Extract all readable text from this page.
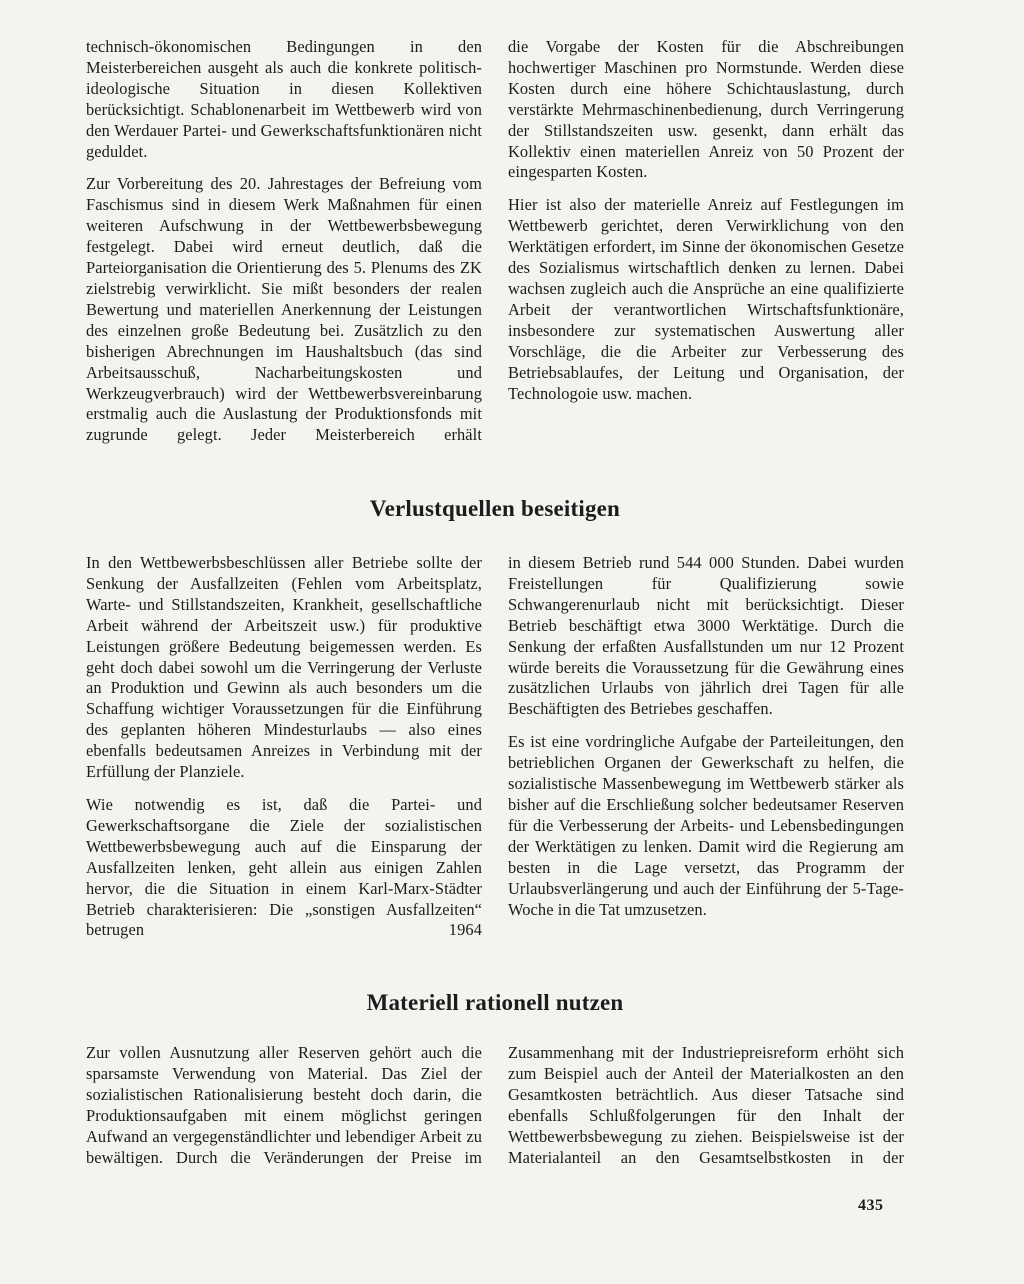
technisch-ökonomischen Bedingungen in den Meisterbereichen ausgeht als auch die konkrete politisch-ideologische Situation in diesen Kollektiven berücksichtigt. Schablonenarbeit im Wettbewerb wird von den Werdauer Partei- und Gewerkschaftsfunktionären nicht geduldet.

Zur Vorbereitung des 20. Jahrestages der Befreiung vom Faschismus sind in diesem Werk Maßnahmen für einen weiteren Aufschwung in der Wettbewerbsbewegung festgelegt. Dabei wird erneut deutlich, daß die Parteiorganisation die Orientierung des 5. Plenums des ZK zielstrebig verwirklicht. Sie mißt besonders der realen Bewertung und materiellen Anerkennung der Leistungen des einzelnen große Bedeutung bei. Zusätzlich zu den bisherigen Abrechnungen im Haushaltsbuch (das sind Arbeitsausschuß, Nacharbeitungskosten und Werkzeugverbrauch) wird der Wettbewerbsvereinbarung erstmalig auch die Auslastung der Produktionsfonds mit zugrunde gelegt. Jeder Meisterbereich erhält

die Vorgabe der Kosten für die Abschreibungen hochwertiger Maschinen pro Normstunde. Werden diese Kosten durch eine höhere Schichtauslastung, durch verstärkte Mehrmaschinenbedienung, durch Verringerung der Stillstandszeiten usw. gesenkt, dann erhält das Kollektiv einen materiellen Anreiz von 50 Prozent der eingesparten Kosten.

Hier ist also der materielle Anreiz auf Festlegungen im Wettbewerb gerichtet, deren Verwirklichung von den Werktätigen erfordert, im Sinne der ökonomischen Gesetze des Sozialismus wirtschaftlich denken zu lernen. Dabei wachsen zugleich auch die Ansprüche an eine qualifizierte Arbeit der verantwortlichen Wirtschaftsfunktionäre, insbesondere zur systematischen Auswertung aller Vorschläge, die die Arbeiter zur Verbesserung des Betriebsablaufes, der Leitung und Organisation, der Technologoie usw. machen.

Verlustquellen beseitigen

In den Wettbewerbsbeschlüssen aller Betriebe sollte der Senkung der Ausfallzeiten (Fehlen vom Arbeitsplatz, Warte- und Stillstandszeiten, Krankheit, gesellschaftliche Arbeit während der Arbeitszeit usw.) für produktive Leistungen größere Bedeutung beigemessen werden. Es geht doch dabei sowohl um die Verringerung der Verluste an Produktion und Gewinn als auch besonders um die Schaffung wichtiger Voraussetzungen für die Einführung des geplanten höheren Mindesturlaubs — also eines ebenfalls bedeutsamen Anreizes in Verbindung mit der Erfüllung der Planziele.

Wie notwendig es ist, daß die Partei- und Gewerkschaftsorgane die Ziele der sozialistischen Wettbewerbsbewegung auch auf die Einsparung der Ausfallzeiten lenken, geht allein aus einigen Zahlen hervor, die die Situation in einem Karl-Marx-Städter Betrieb charakterisieren: Die „sonstigen Ausfallzeiten“ betrugen 1964

in diesem Betrieb rund 544 000 Stunden. Dabei wurden Freistellungen für Qualifizierung sowie Schwangerenurlaub nicht mit berücksichtigt. Dieser Betrieb beschäftigt etwa 3000 Werktätige. Durch die Senkung der erfaßten Ausfallstunden um nur 12 Prozent würde bereits die Voraussetzung für die Gewährung eines zusätzlichen Urlaubs von jährlich drei Tagen für alle Beschäftigten des Betriebes geschaffen.

Es ist eine vordringliche Aufgabe der Parteileitungen, den betrieblichen Organen der Gewerkschaft zu helfen, die sozialistische Massenbewegung im Wettbewerb stärker als bisher auf die Erschließung solcher bedeutsamer Reserven für die Verbesserung der Arbeits- und Lebensbedingungen der Werktätigen zu lenken. Damit wird die Regierung am besten in die Lage versetzt, das Programm der Urlaubsverlängerung und auch der Einführung der 5-Tage-Woche in die Tat umzusetzen.

Materiell rationell nutzen

Zur vollen Ausnutzung aller Reserven gehört auch die sparsamste Verwendung von Material. Das Ziel der sozialistischen Rationalisierung besteht doch darin, die Produktionsaufgaben mit einem möglichst geringen Aufwand an vergegenständlichter und lebendiger Arbeit zu bewältigen. Durch die Veränderungen der Preise im

Zusammenhang mit der Industriepreisreform erhöht sich zum Beispiel auch der Anteil der Materialkosten an den Gesamtkosten beträchtlich. Aus dieser Tatsache sind ebenfalls Schlußfolgerungen für den Inhalt der Wettbewerbsbewegung zu ziehen. Beispielsweise ist der Materialanteil an den Gesamtselbstkosten in der

435
